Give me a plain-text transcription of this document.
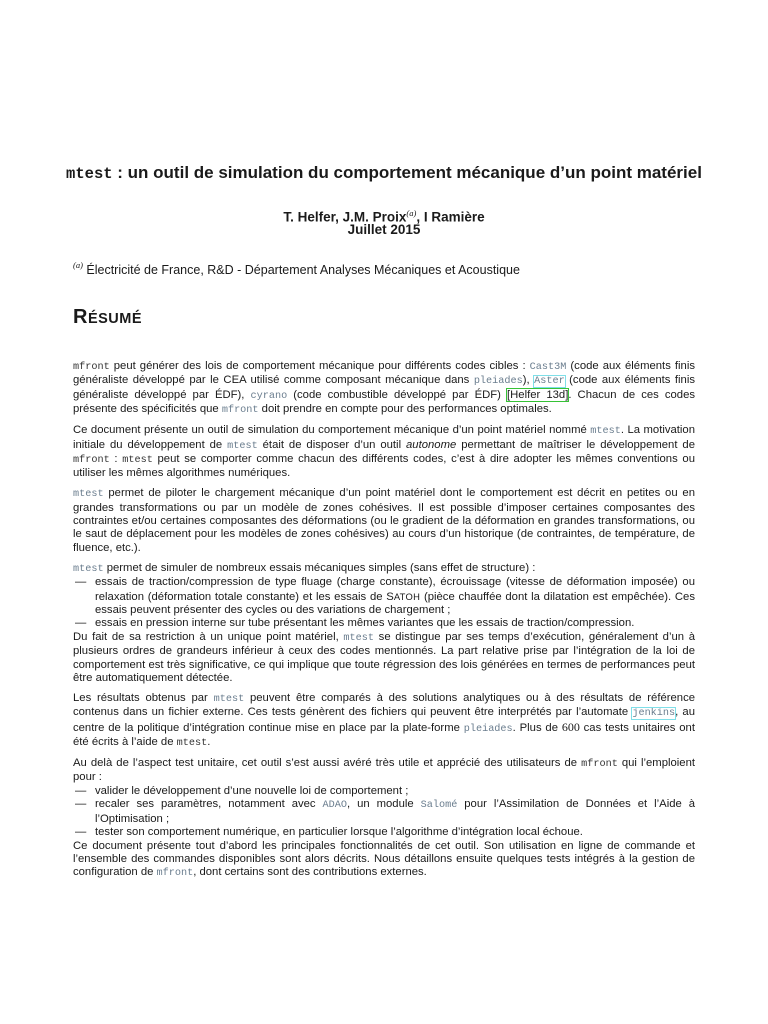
mtest : un outil de simulation du comportement mécanique d’un point matériel
T. Helfer, J.M. Proix$^{(a)}$, I Ramière
Juillet 2015
$^{(a)}$ Électricité de France, R&D - Département Analyses Mécaniques et Acoustique
RÉSUMÉ

mfront peut générer des lois de comportement mécanique pour différents codes cibles : Cast3M (code aux éléments finis généraliste développé par le CEA utilisé comme composant mécanique dans pleiades), Aster (code aux éléments finis généraliste développé par ÉDF), cyrano (code combustible développé par ÉDF) [Helfer 13d]. Chacun de ces codes présente des spécificités que mfront doit prendre en compte pour des performances optimales.

Ce document présente un outil de simulation du comportement mécanique d’un point matériel nommé mtest. La motivation initiale du développement de mtest était de disposer d’un outil autonome permettant de maîtriser le développement de mfront : mtest peut se comporter comme chacun des différents codes, c’est à dire adopter les mêmes conventions ou utiliser les mêmes algorithmes numériques.

mtest permet de piloter le chargement mécanique d’un point matériel dont le comportement est décrit en petites ou en grandes transformations ou par un modèle de zones cohésives. Il est possible d’imposer certaines composantes des contraintes et/ou certaines composantes des déformations (ou le gradient de la déformation en grandes transformations, ou le saut de déplacement pour les modèles de zones cohésives) au cours d’un historique (de contraintes, de température, de fluence, etc.).

mtest permet de simuler de nombreux essais mécaniques simples (sans effet de structure) :

— essais de traction/compression de type fluage (charge constante), écrouissage (vitesse de déformation imposée) ou relaxation (déformation totale constante) et les essais de SATOH (pièce chauffée dont la dilatation est empêchée). Ces essais peuvent présenter des cycles ou des variations de chargement ;
— essais en pression interne sur tube présentant les mêmes variantes que les essais de traction/compression.

Du fait de sa restriction à un unique point matériel, mtest se distingue par ses temps d’exécution, généralement d’un à plusieurs ordres de grandeurs inférieur à ceux des codes mentionnés. La part relative prise par l’intégration de la loi de comportement est très significative, ce qui implique que toute régression des lois générées en termes de performances peut être automatiquement détectée.

Les résultats obtenus par mtest peuvent être comparés à des solutions analytiques ou à des résultats de référence contenus dans un fichier externe. Ces tests génèrent des fichiers qui peuvent être interprétés par l’automate jenkins, au centre de la politique d’intégration continue mise en place par la plate-forme pleiades. Plus de 600 cas tests unitaires ont été écrits à l’aide de mtest.

Au delà de l’aspect test unitaire, cet outil s’est aussi avéré très utile et apprécié des utilisateurs de mfront qui l’emploient pour :

— valider le développement d’une nouvelle loi de comportement ;
— recaler ses paramètres, notamment avec ADAO, un module Salomé pour l’Assimilation de Données et l’Aide à l’Optimisation ;
— tester son comportement numérique, en particulier lorsque l’algorithme d’intégration local échoue.

Ce document présente tout d’abord les principales fonctionnalités de cet outil. Son utilisation en ligne de commande et l’ensemble des commandes disponibles sont alors décrits. Nous détaillons ensuite quelques tests intégrés à la gestion de configuration de mfront, dont certains sont des contributions externes.
